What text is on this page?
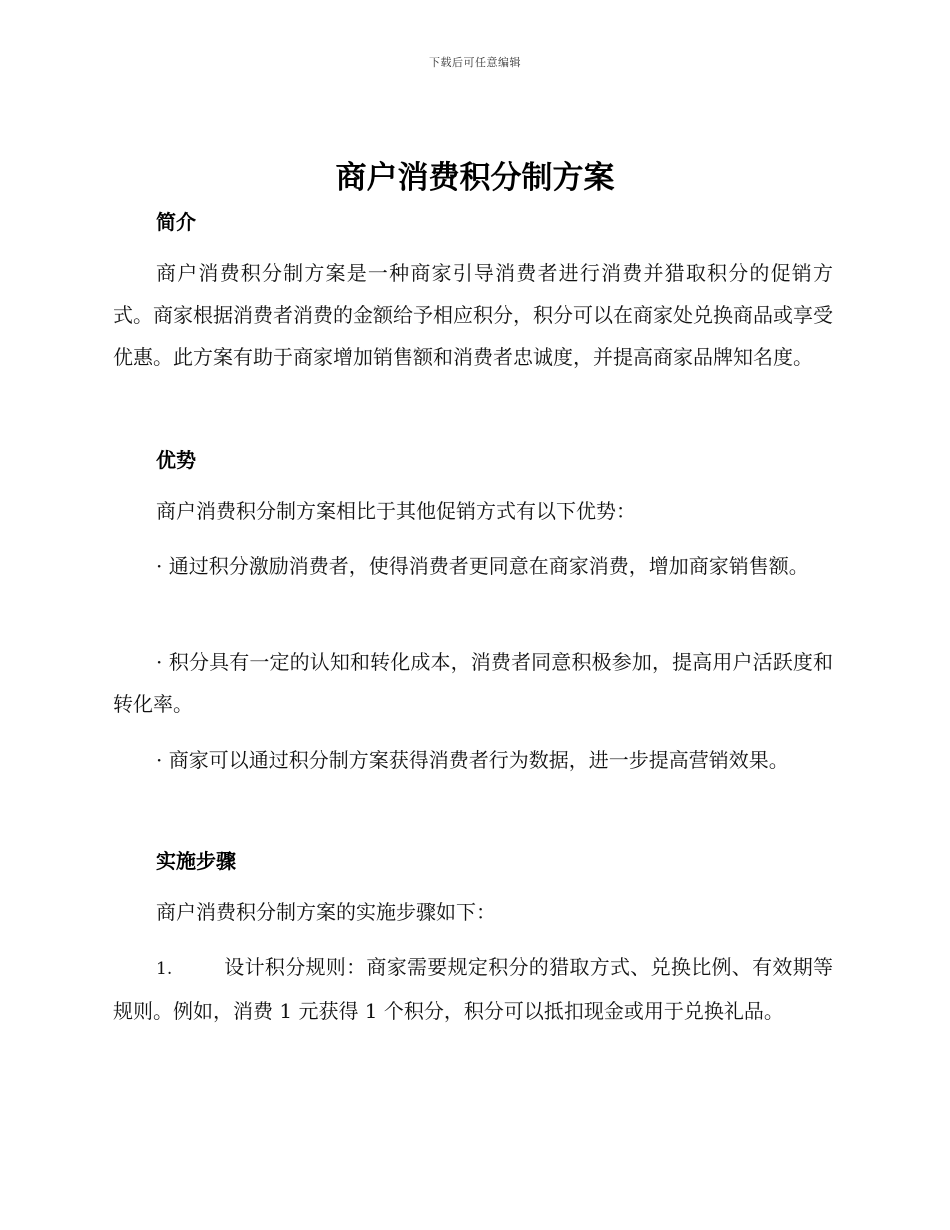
下载后可任意编辑
商户消费积分制方案
简介

商户消费积分制方案是一种商家引导消费者进行消费并猎取积分的促销方式。商家根据消费者消费的金额给予相应积分，积分可以在商家处兑换商品或享受优惠。此方案有助于商家增加销售额和消费者忠诚度，并提高商家品牌知名度。

优势

商户消费积分制方案相比于其他促销方式有以下优势：

· 通过积分激励消费者，使得消费者更同意在商家消费，增加商家销售额。

· 积分具有一定的认知和转化成本，消费者同意积极参加，提高用户活跃度和转化率。

· 商家可以通过积分制方案获得消费者行为数据，进一步提高营销效果。

实施步骤

商户消费积分制方案的实施步骤如下：

1.	设计积分规则：商家需要规定积分的猎取方式、兑换比例、有效期等规则。例如，消费 1 元获得 1 个积分，积分可以抵扣现金或用于兑换礼品。
